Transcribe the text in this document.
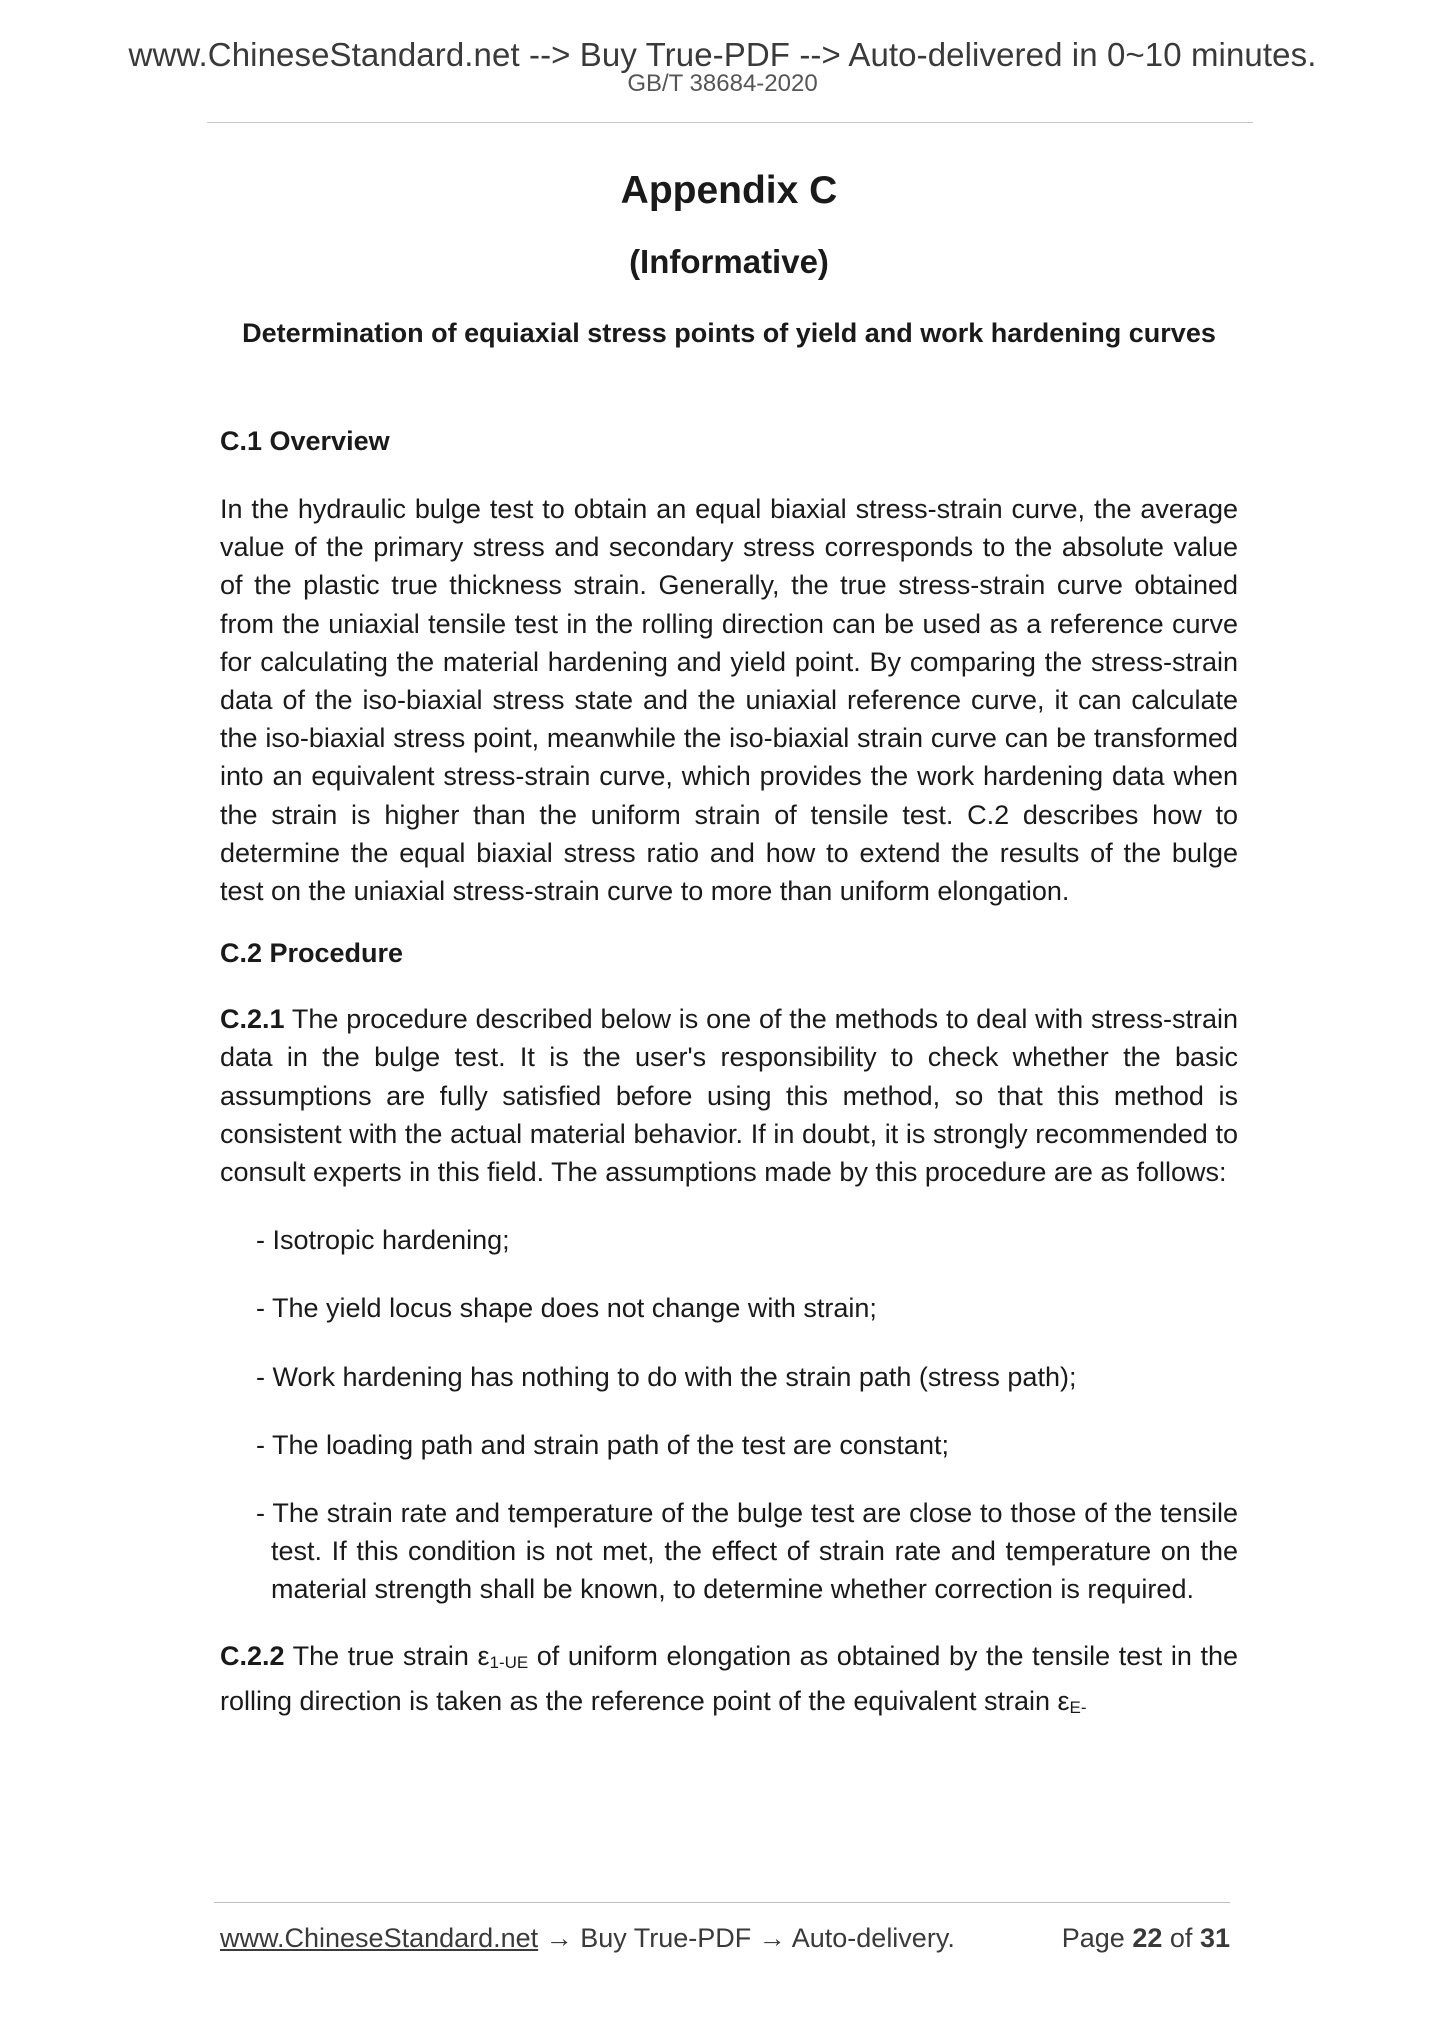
www.ChineseStandard.net --> Buy True-PDF --> Auto-delivered in 0~10 minutes.
GB/T 38684-2020
Appendix C
(Informative)
Determination of equiaxial stress points of yield and work hardening curves
C.1 Overview

In the hydraulic bulge test to obtain an equal biaxial stress-strain curve, the average value of the primary stress and secondary stress corresponds to the absolute value of the plastic true thickness strain. Generally, the true stress-strain curve obtained from the uniaxial tensile test in the rolling direction can be used as a reference curve for calculating the material hardening and yield point. By comparing the stress-strain data of the iso-biaxial stress state and the uniaxial reference curve, it can calculate the iso-biaxial stress point, meanwhile the iso-biaxial strain curve can be transformed into an equivalent stress-strain curve, which provides the work hardening data when the strain is higher than the uniform strain of tensile test. C.2 describes how to determine the equal biaxial stress ratio and how to extend the results of the bulge test on the uniaxial stress-strain curve to more than uniform elongation.

C.2 Procedure

C.2.1 The procedure described below is one of the methods to deal with stress-strain data in the bulge test. It is the user's responsibility to check whether the basic assumptions are fully satisfied before using this method, so that this method is consistent with the actual material behavior. If in doubt, it is strongly recommended to consult experts in this field. The assumptions made by this procedure are as follows:

- Isotropic hardening;
- The yield locus shape does not change with strain;
- Work hardening has nothing to do with the strain path (stress path);
- The loading path and strain path of the test are constant;
- The strain rate and temperature of the bulge test are close to those of the tensile test. If this condition is not met, the effect of strain rate and temperature on the material strength shall be known, to determine whether correction is required.

C.2.2 The true strain ε1-UE of uniform elongation as obtained by the tensile test in the rolling direction is taken as the reference point of the equivalent strain εE-

www.ChineseStandard.net → Buy True-PDF → Auto-delivery.	Page 22 of 31
